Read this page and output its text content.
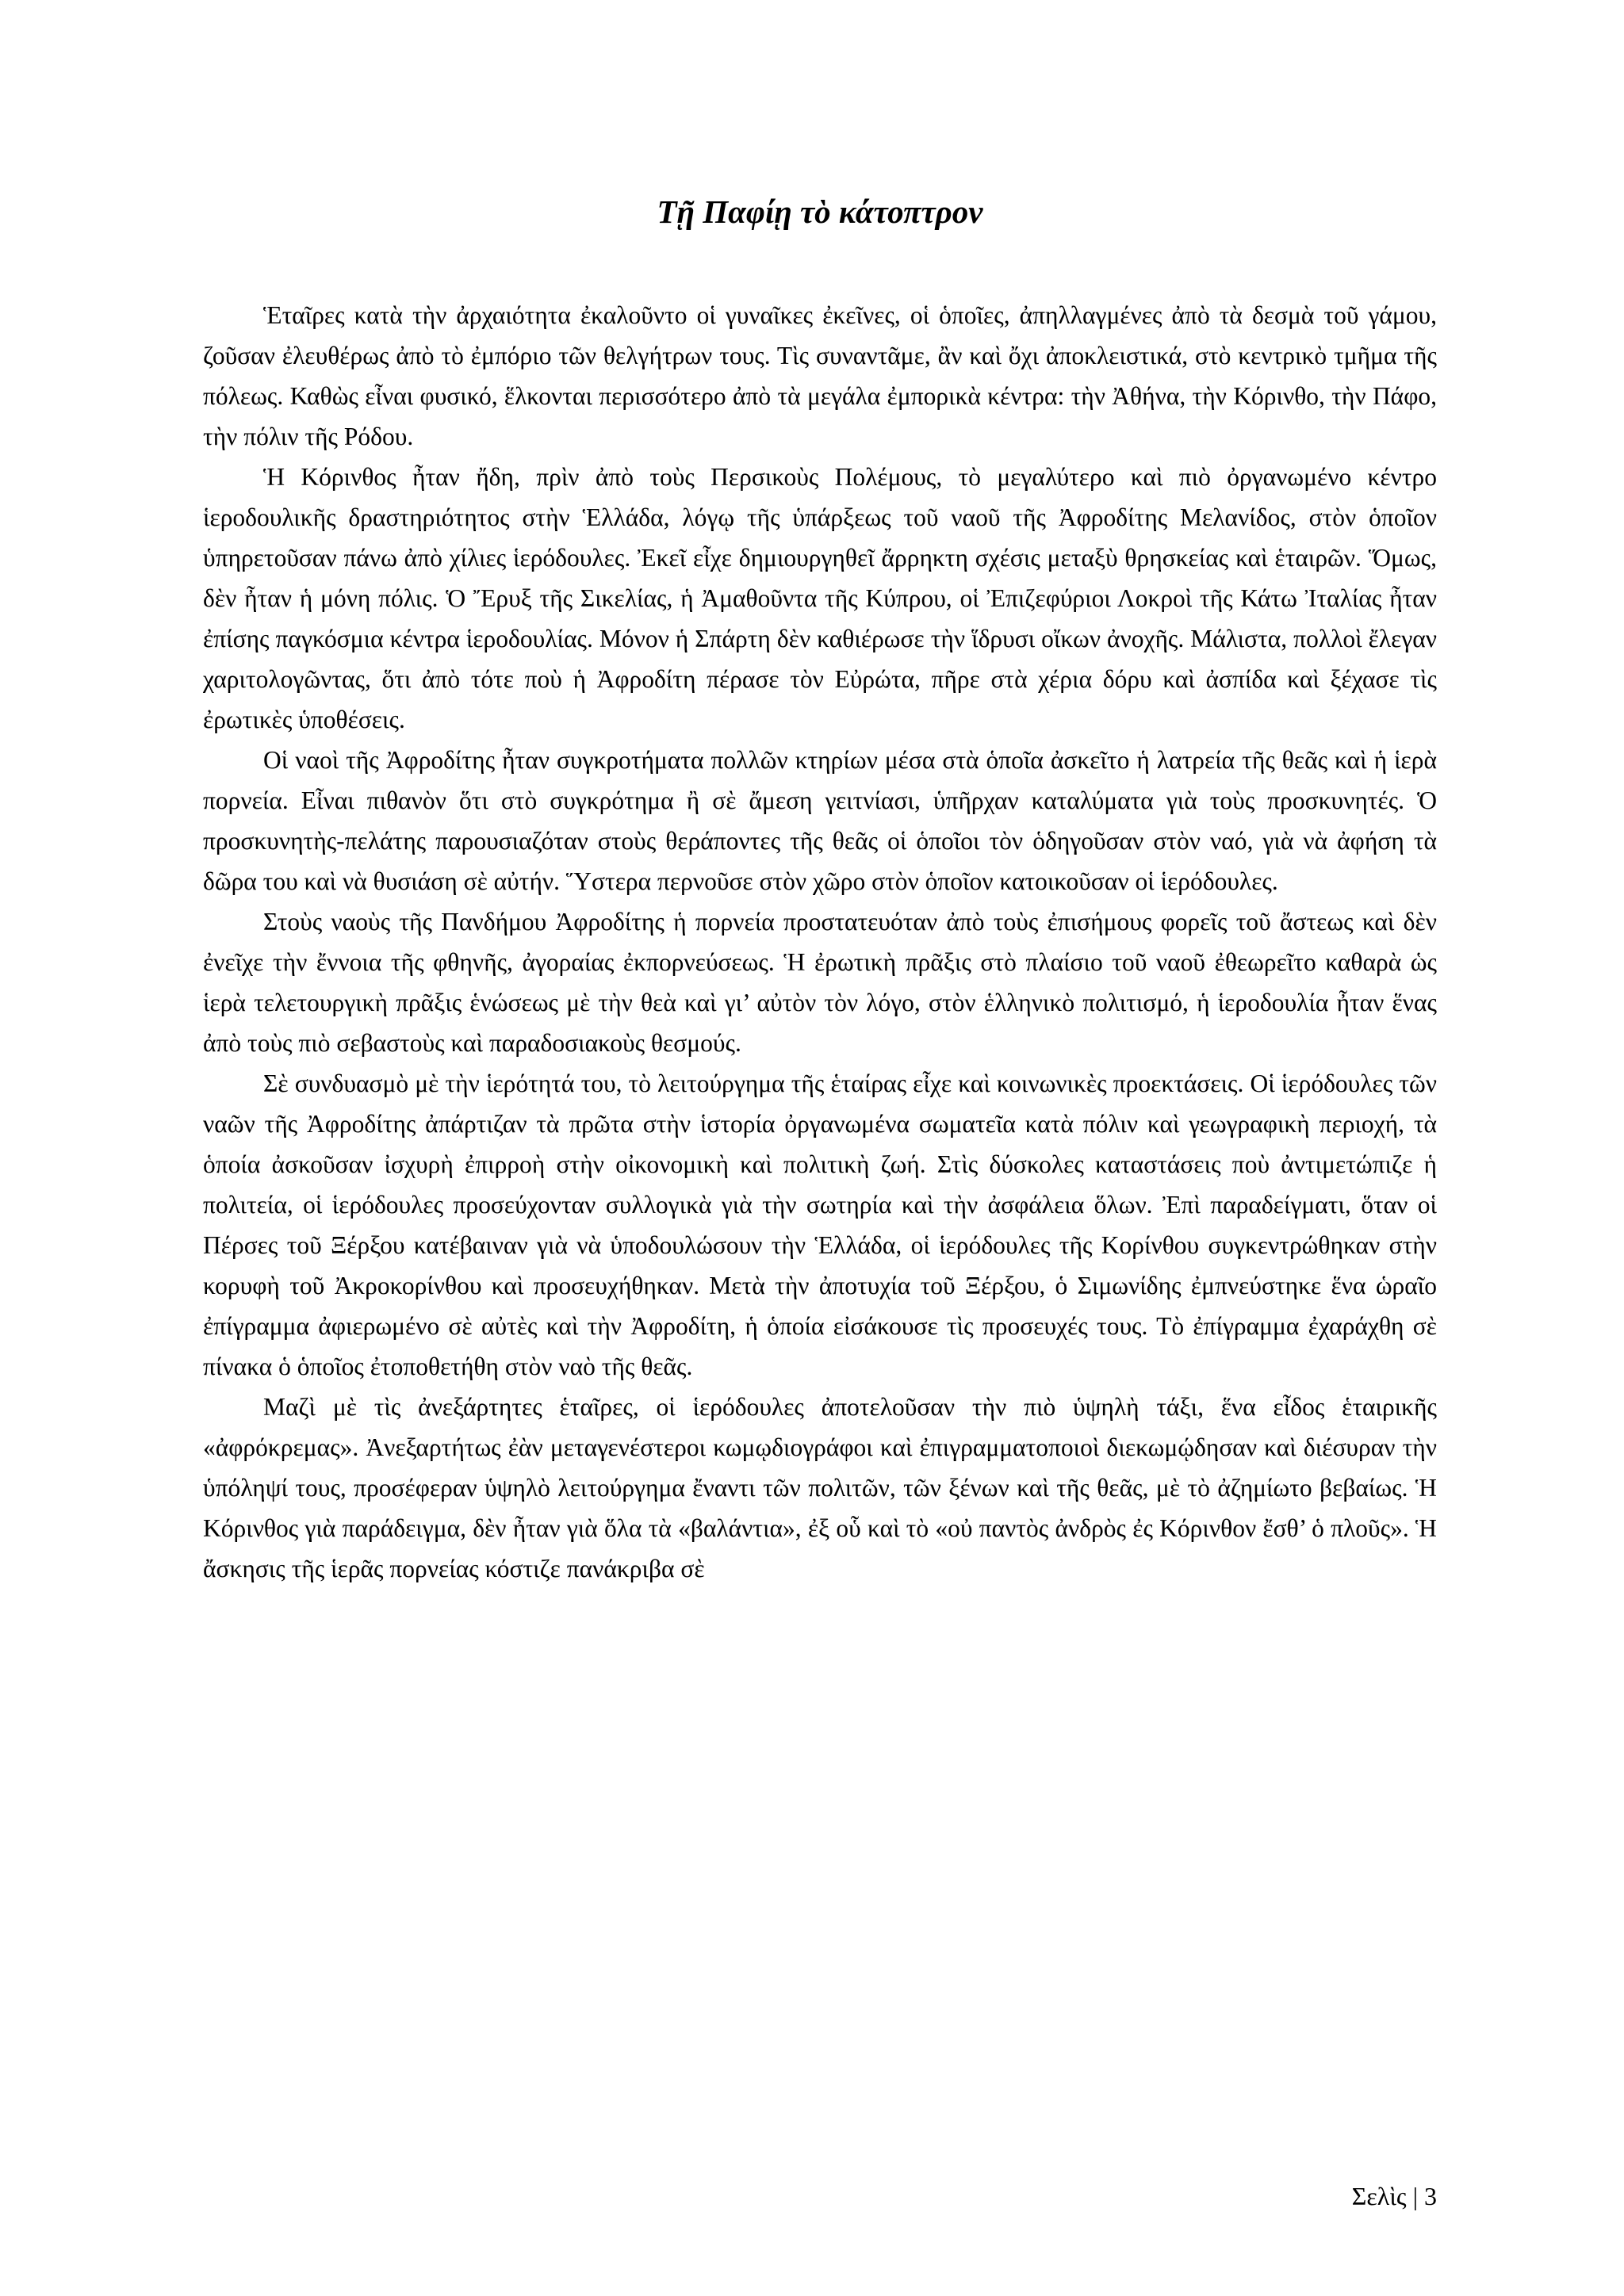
Τῇ Παφίῃ τὸ κάτοπτρον

Ἑταῖρες κατὰ τὴν ἀρχαιότητα ἐκαλοῦντο οἱ γυναῖκες ἐκεῖνες, οἱ ὁποῖες, ἀπηλλαγμένες ἀπὸ τὰ δεσμὰ τοῦ γάμου, ζοῦσαν ἐλευθέρως ἀπὸ τὸ ἐμπόριο τῶν θελγήτρων τους. Τὶς συναντᾶμε, ἂν καὶ ὄχι ἀποκλειστικά, στὸ κεντρικὸ τμῆμα τῆς πόλεως. Καθὼς εἶναι φυσικό, ἕλκονται περισσότερο ἀπὸ τὰ μεγάλα ἐμπορικὰ κέντρα: τὴν Ἀθήνα, τὴν Κόρινθο, τὴν Πάφο, τὴν πόλιν τῆς Ρόδου.

Ἡ Κόρινθος ἦταν ἤδη, πρὶν ἀπὸ τοὺς Περσικοὺς Πολέμους, τὸ μεγαλύτερο καὶ πιὸ ὀργανωμένο κέντρο ἱεροδουλικῆς δραστηριότητος στὴν Ἑλλάδα, λόγῳ τῆς ὑπάρξεως τοῦ ναοῦ τῆς Ἀφροδίτης Μελανίδος, στὸν ὁποῖον ὑπηρετοῦσαν πάνω ἀπὸ χίλιες ἱερόδουλες. Ἐκεῖ εἶχε δημιουργηθεῖ ἄρρηκτη σχέσις μεταξὺ θρησκείας καὶ ἑταιρῶν. Ὅμως, δὲν ἦταν ἡ μόνη πόλις. Ὁ Ἔρυξ τῆς Σικελίας, ἡ Ἀμαθοῦντα τῆς Κύπρου, οἱ Ἐπιζεφύριοι Λοκροὶ τῆς Κάτω Ἰταλίας ἦταν ἐπίσης παγκόσμια κέντρα ἱεροδουλίας. Μόνον ἡ Σπάρτη δὲν καθιέρωσε τὴν ἵδρυσι οἴκων ἀνοχῆς. Μάλιστα, πολλοὶ ἔλεγαν χαριτολογῶντας, ὅτι ἀπὸ τότε ποὺ ἡ Ἀφροδίτη πέρασε τὸν Εὐρώτα, πῆρε στὰ χέρια δόρυ καὶ ἀσπίδα καὶ ξέχασε τὶς ἐρωτικὲς ὑποθέσεις.

Οἱ ναοὶ τῆς Ἀφροδίτης ἦταν συγκροτήματα πολλῶν κτηρίων μέσα στὰ ὁποῖα ἀσκεῖτο ἡ λατρεία τῆς θεᾶς καὶ ἡ ἱερὰ πορνεία. Εἶναι πιθανὸν ὅτι στὸ συγκρότημα ἢ σὲ ἄμεση γειτνίασι, ὑπῆρχαν καταλύματα γιὰ τοὺς προσκυνητές. Ὁ προσκυνητὴς-πελάτης παρουσιαζόταν στοὺς θεράποντες τῆς θεᾶς οἱ ὁποῖοι τὸν ὁδηγοῦσαν στὸν ναό, γιὰ νὰ ἀφήση τὰ δῶρα του καὶ νὰ θυσιάση σὲ αὐτήν. Ὕστερα περνοῦσε στὸν χῶρο στὸν ὁποῖον κατοικοῦσαν οἱ ἱερόδουλες.

Στοὺς ναοὺς τῆς Πανδήμου Ἀφροδίτης ἡ πορνεία προστατευόταν ἀπὸ τοὺς ἐπισήμους φορεῖς τοῦ ἄστεως καὶ δὲν ἐνεῖχε τὴν ἔννοια τῆς φθηνῆς, ἀγοραίας ἐκπορνεύσεως. Ἡ ἐρωτικὴ πρᾶξις στὸ πλαίσιο τοῦ ναοῦ ἐθεωρεῖτο καθαρὰ ὡς ἱερὰ τελετουργικὴ πρᾶξις ἑνώσεως μὲ τὴν θεὰ καὶ γι’ αὐτὸν τὸν λόγο, στὸν ἑλληνικὸ πολιτισμό, ἡ ἱεροδουλία ἦταν ἕνας ἀπὸ τοὺς πιὸ σεβαστοὺς καὶ παραδοσιακοὺς θεσμούς.

Σὲ συνδυασμὸ μὲ τὴν ἱερότητά του, τὸ λειτούργημα τῆς ἑταίρας εἶχε καὶ κοινωνικὲς προεκτάσεις. Οἱ ἱερόδουλες τῶν ναῶν τῆς Ἀφροδίτης ἀπάρτιζαν τὰ πρῶτα στὴν ἱστορία ὀργανωμένα σωματεῖα κατὰ πόλιν καὶ γεωγραφικὴ περιοχή, τὰ ὁποία ἀσκοῦσαν ἰσχυρὴ ἐπιρροὴ στὴν οἰκονομικὴ καὶ πολιτικὴ ζωή. Στὶς δύσκολες καταστάσεις ποὺ ἀντιμετώπιζε ἡ πολιτεία, οἱ ἱερόδουλες προσεύχονταν συλλογικὰ γιὰ τὴν σωτηρία καὶ τὴν ἀσφάλεια ὅλων. Ἐπὶ παραδείγματι, ὅταν οἱ Πέρσες τοῦ Ξέρξου κατέβαιναν γιὰ νὰ ὑποδουλώσουν τὴν Ἑλλάδα, οἱ ἱερόδουλες τῆς Κορίνθου συγκεντρώθηκαν στὴν κορυφὴ τοῦ Ἀκροκορίνθου καὶ προσευχήθηκαν. Μετὰ τὴν ἀποτυχία τοῦ Ξέρξου, ὁ Σιμωνίδης ἐμπνεύστηκε ἕνα ὡραῖο ἐπίγραμμα ἀφιερωμένο σὲ αὐτὲς καὶ τὴν Ἀφροδίτη, ἡ ὁποία εἰσάκουσε τὶς προσευχές τους. Τὸ ἐπίγραμμα ἐχαράχθη σὲ πίνακα ὁ ὁποῖος ἐτοποθετήθη στὸν ναὸ τῆς θεᾶς.

Μαζὶ μὲ τὶς ἀνεξάρτητες ἑταῖρες, οἱ ἱερόδουλες ἀποτελοῦσαν τὴν πιὸ ὑψηλὴ τάξι, ἕνα εἶδος ἑταιρικῆς «ἀφρόκρεμας». Ἀνεξαρτήτως ἐὰν μεταγενέστεροι κωμῳδιογράφοι καὶ ἐπιγραμματοποιοὶ διεκωμῴδησαν καὶ διέσυραν τὴν ὑπόληψί τους, προσέφεραν ὑψηλὸ λειτούργημα ἔναντι τῶν πολιτῶν, τῶν ξένων καὶ τῆς θεᾶς, μὲ τὸ ἀζημίωτο βεβαίως. Ἡ Κόρινθος γιὰ παράδειγμα, δὲν ἦταν γιὰ ὅλα τὰ «βαλάντια», ἐξ οὗ καὶ τὸ «οὐ παντὸς ἀνδρὸς ἐς Κόρινθον ἔσθ’ ὁ πλοῦς». Ἡ ἄσκησις τῆς ἱερᾶς πορνείας κόστιζε πανάκριβα σὲ

Σελὶς | 3
